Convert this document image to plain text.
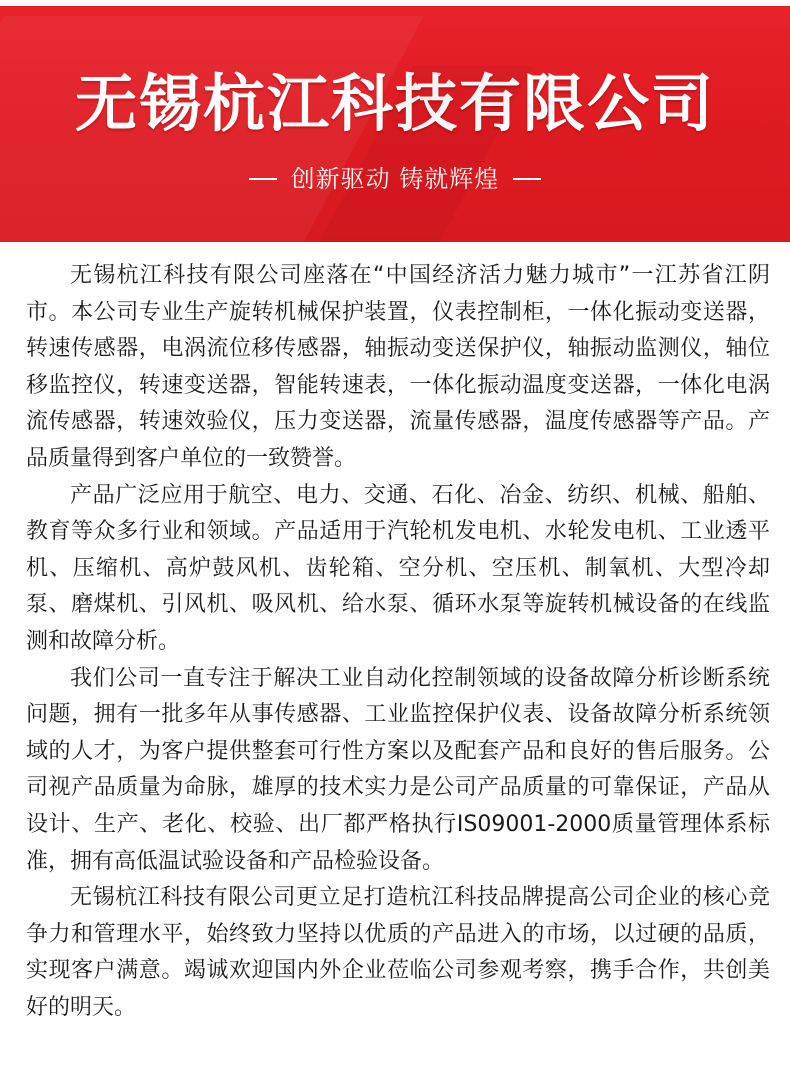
无锡杭江科技有限公司
创新驱动 铸就辉煌

无锡杭江科技有限公司座落在“中国经济活力魅力城市”一江苏省江阴市。本公司专业生产旋转机械保护装置，仪表控制柜，一体化振动变送器，转速传感器，电涡流位移传感器，轴振动变送保护仪，轴振动监测仪，轴位移监控仪，转速变送器，智能转速表，一体化振动温度变送器，一体化电涡流传感器，转速效验仪，压力变送器，流量传感器，温度传感器等产品。产品质量得到客户单位的一致赞誉。

产品广泛应用于航空、电力、交通、石化、冶金、纺织、机械、船舶、教育等众多行业和领域。产品适用于汽轮机发电机、水轮发电机、工业透平机、压缩机、高炉鼓风机、齿轮箱、空分机、空压机、制氧机、大型冷却泵、磨煤机、引风机、吸风机、给水泵、循环水泵等旋转机械设备的在线监测和故障分析。

我们公司一直专注于解决工业自动化控制领域的设备故障分析诊断系统问题，拥有一批多年从事传感器、工业监控保护仪表、设备故障分析系统领域的人才，为客户提供整套可行性方案以及配套产品和良好的售后服务。公司视产品质量为命脉，雄厚的技术实力是公司产品质量的可靠保证，产品从设计、生产、老化、校验、出厂都严格执行IS09001-2000质量管理体系标准，拥有高低温试验设备和产品检验设备。

无锡杭江科技有限公司更立足打造杭江科技品牌提高公司企业的核心竞争力和管理水平，始终致力坚持以优质的产品进入的市场，以过硬的品质，实现客户满意。竭诚欢迎国内外企业莅临公司参观考察，携手合作，共创美好的明天。
